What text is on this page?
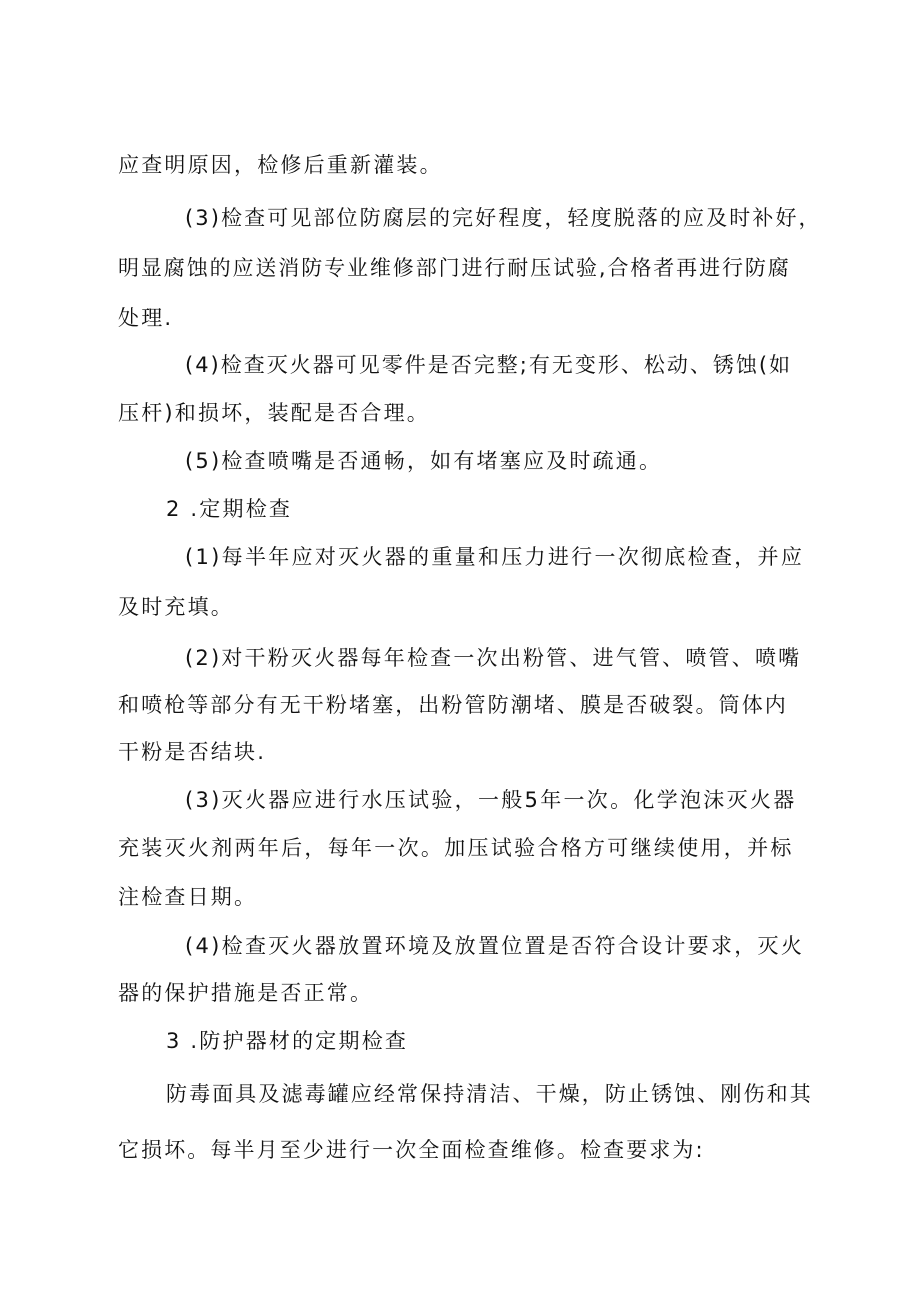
应查明原因，检修后重新灌装。
(3)检查可见部位防腐层的完好程度，轻度脱落的应及时补好，
明显腐蚀的应送消防专业维修部门进行耐压试验,合格者再进行防腐
处理.
(4)检查灭火器可见零件是否完整;有无变形、松动、锈蚀(如
压杆)和损坏，装配是否合理。
(5)检查喷嘴是否通畅，如有堵塞应及时疏通。
2 .定期检查
(1)每半年应对灭火器的重量和压力进行一次彻底检查，并应
及时充填。
(2)对干粉灭火器每年检查一次出粉管、进气管、喷管、喷嘴
和喷枪等部分有无干粉堵塞，出粉管防潮堵、膜是否破裂。筒体内
干粉是否结块.
(3)灭火器应进行水压试验，一般5年一次。化学泡沫灭火器
充装灭火剂两年后，每年一次。加压试验合格方可继续使用，并标
注检查日期。
(4)检查灭火器放置环境及放置位置是否符合设计要求，灭火
器的保护措施是否正常。
3 .防护器材的定期检查
防毒面具及滤毒罐应经常保持清洁、干燥，防止锈蚀、刚伤和其
它损坏。每半月至少进行一次全面检查维修。检查要求为:
